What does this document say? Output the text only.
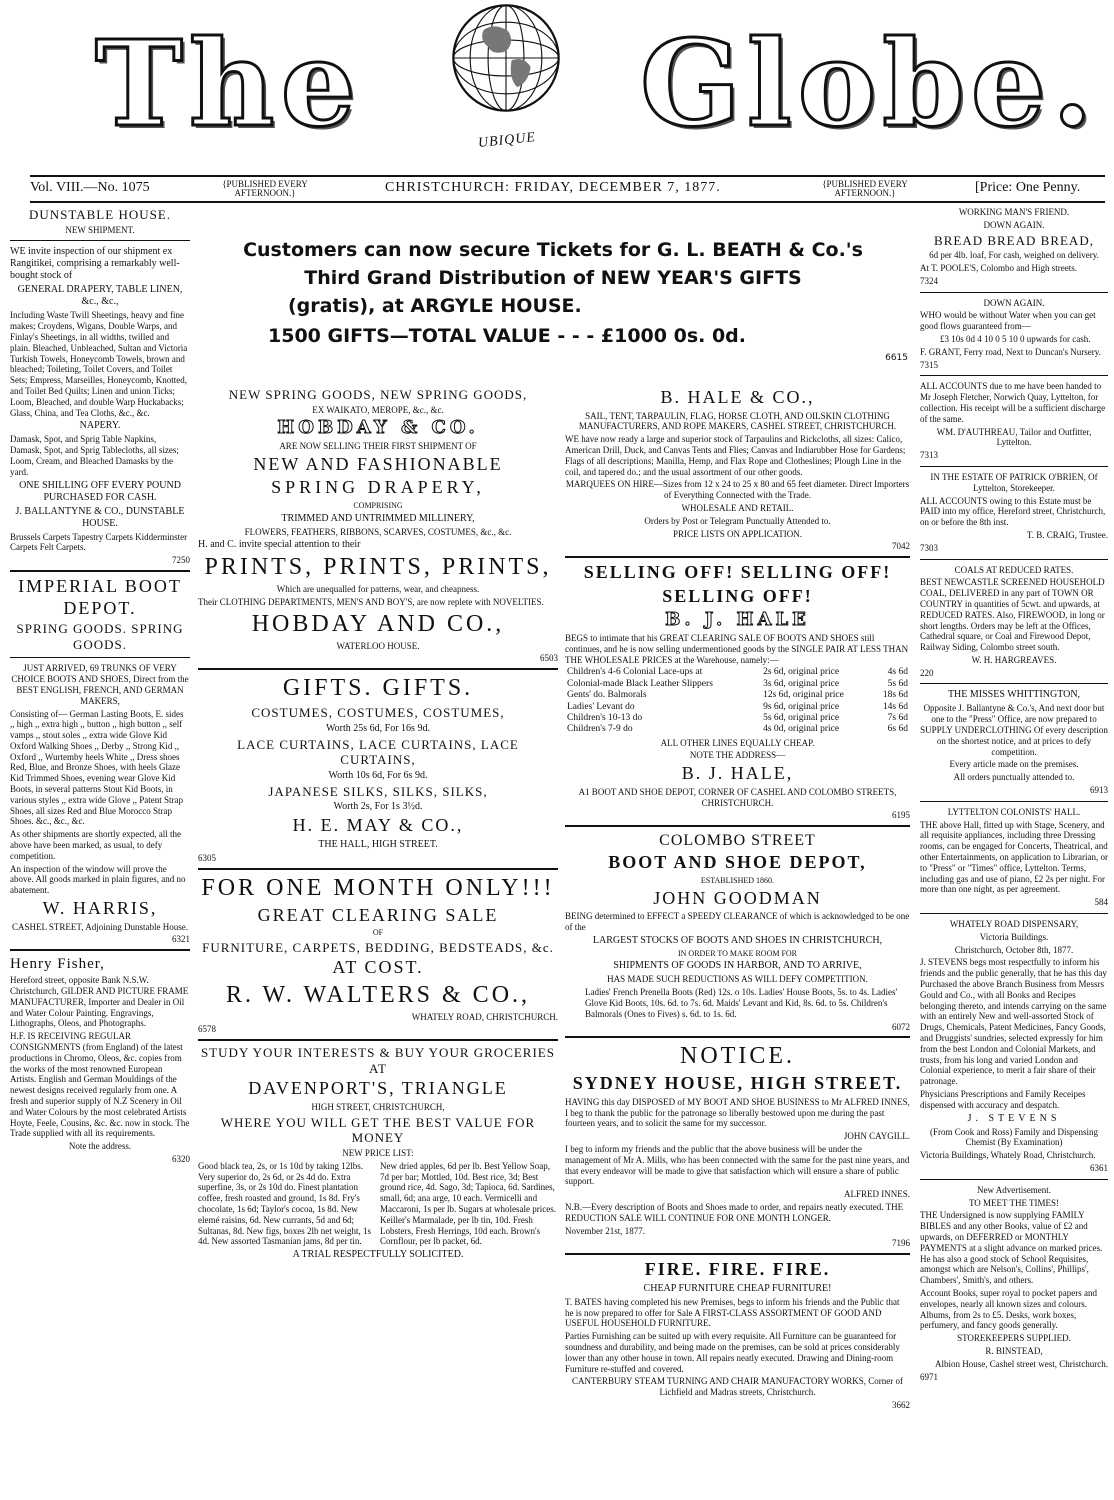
The Globe.
UBIQUE
Vol. VIII.—No. 1075	{PUBLISHED EVERY AFTERNOON.}	CHRISTCHURCH: FRIDAY, DECEMBER 7, 1877.	{PUBLISHED EVERY AFTERNOON.}	[Price: One Penny.

DUNSTABLE HOUSE.

NEW SHIPMENT.

WE invite inspection of our shipment ex Rangitikei, comprising a remarkably well-bought stock of

GENERAL DRAPERY, TABLE LINEN, &c., &c.,

Including Waste Twill Sheetings, heavy and fine makes; Croydens, Wigans, Double Warps, and Finlay's Sheetings, in all widths, twilled and plain. Bleached, Unbleached, Sultan and Victoria Turkish Towels, Honeycomb Towels, brown and bleached; Toileting, Toilet Covers, and Toilet Sets; Empress, Marseilles, Honeycomb, Knotted, and Toilet Bed Quilts; Linen and union Ticks; Loom, Bleached, and double Warp Huckabacks; Glass, China, and Tea Cloths, &c., &c.

NAPERY.

Damask, Spot, and Sprig Table Napkins, Damask, Spot, and Sprig Tablecloths, all sizes; Loom, Cream, and Bleached Damasks by the yard.

ONE SHILLING OFF EVERY POUND PURCHASED FOR CASH.

J. BALLANTYNE & CO., DUNSTABLE HOUSE.

Brussels Carpets Tapestry Carpets Kidderminster Carpets Felt Carpets.

7250

IMPERIAL BOOT DEPOT.

SPRING GOODS. SPRING GOODS.

JUST ARRIVED, 69 TRUNKS OF VERY CHOICE BOOTS AND SHOES, Direct from the BEST ENGLISH, FRENCH, AND GERMAN MAKERS,

Consisting of— German Lasting Boots, E. sides ,, high ,, extra high ,, button ,, high button ,, self vamps ,, stout soles ,, extra wide Glove Kid Oxford Walking Shoes ,, Derby ,, Strong Kid ,, Oxford ,, Wurtemby heels White ,, Dress shoes Red, Blue, and Bronze Shoes, with heels Glaze Kid Trimmed Shoes, evening wear Glove Kid Boots, in several patterns Stout Kid Boots, in various styles ,, extra wide Glove ,, Patent Strap Shoes, all sizes Red and Blue Morocco Strap Shoes. &c., &c., &c.

As other shipments are shortly expected, all the above have been marked, as usual, to defy competition.

An inspection of the window will prove the above. All goods marked in plain figures, and no abatement.

W. HARRIS,

CASHEL STREET, Adjoining Dunstable House.

6321

Henry Fisher,

Hereford street, opposite Bank N.S.W. Christchurch, GILDER AND PICTURE FRAME MANUFACTURER, Importer and Dealer in Oil and Water Colour Painting. Engravings, Lithographs, Oleos, and Photographs.

H.F. IS RECEIVING REGULAR CONSIGNMENTS (from England) of the latest productions in Chromo, Oleos, &c. copies from the works of the most renowned European Artists. English and German Mouldings of the newest designs received regularly from one. A fresh and superior supply of N.Z Scenery in Oil and Water Colours by the most celebrated Artists Hoyte, Feele, Cousins, &c. &c. now in stock. The Trade supplied with all its requirements.

Note the address.

6320

Customers can now secure Tickets for G. L. BEATH & Co.'s

Third Grand Distribution of NEW YEAR'S GIFTS

(gratis), at ARGYLE HOUSE.

1500 GIFTS—TOTAL VALUE - - - £1000 0s. 0d.

6615

NEW SPRING GOODS, NEW SPRING GOODS,

EX WAIKATO, MEROPE, &c., &c.

HOBDAY & CO.

ARE NOW SELLING THEIR FIRST SHIPMENT OF

NEW AND FASHIONABLE

SPRING DRAPERY,

COMPRISING

TRIMMED AND UNTRIMMED MILLINERY,

FLOWERS, FEATHERS, RIBBONS, SCARVES, COSTUMES, &c., &c.

H. and C. invite special attention to their

PRINTS, PRINTS, PRINTS,

Which are unequalled for patterns, wear, and cheapness.

Their CLOTHING DEPARTMENTS, MEN'S AND BOY'S, are now replete with NOVELTIES.

HOBDAY AND CO.,

WATERLOO HOUSE.

6503

GIFTS. GIFTS.

COSTUMES, COSTUMES, COSTUMES,

Worth 25s 6d, For 16s 9d.

LACE CURTAINS, LACE CURTAINS, LACE CURTAINS,

Worth 10s 6d, For 6s 9d.

JAPANESE SILKS, SILKS, SILKS,

Worth 2s, For 1s 3½d.

H. E. MAY & CO.,

THE HALL, HIGH STREET.

6305

FOR ONE MONTH ONLY!!!

GREAT CLEARING SALE

OF

FURNITURE, CARPETS, BEDDING, BEDSTEADS, &c.

AT COST.

R. W. WALTERS & CO.,

WHATELY ROAD, CHRISTCHURCH.

6578

STUDY YOUR INTERESTS & BUY YOUR GROCERIES AT

DAVENPORT'S, TRIANGLE

HIGH STREET, CHRISTCHURCH,

WHERE YOU WILL GET THE BEST VALUE FOR MONEY

NEW PRICE LIST:

Good black tea, 2s, or 1s 10d by taking 12lbs. Very superior do, 2s 6d, or 2s 4d do. Extra superfine, 3s, or 2s 10d do. Finest plantation coffee, fresh roasted and ground, 1s 8d. Fry's chocolate, 1s 6d; Taylor's cocoa, 1s 8d. New elemé raisins, 6d. New currants, 5d and 6d; Sultanas, 8d. New figs, boxes 2lb net weight, 1s 4d. New assorted Tasmanian jams, 8d per tin.
New dried apples, 6d per lb. Best Yellow Soap, 7d per bar; Mottled, 10d. Best rice, 3d; Best ground rice, 4d. Sago, 3d; Tapioca, 6d. Sardines, small, 6d; ana arge, 10 each. Vermicelli and Maccaroni, 1s per lb. Sugars at wholesale prices. Keiller's Marmalade, per lb tin, 10d. Fresh Lobsters, Fresh Herrings, 10d each. Brown's Cornflour, per lb packet, 6d.

A TRIAL RESPECTFULLY SOLICITED.

B. HALE & CO.,

SAIL, TENT, TARPAULIN, FLAG, HORSE CLOTH, AND OILSKIN CLOTHING MANUFACTURERS, AND ROPE MAKERS, CASHEL STREET, CHRISTCHURCH.

WE have now ready a large and superior stock of Tarpaulins and Rickcloths, all sizes: Calico, American Drill, Duck, and Canvas Tents and Flies; Canvas and Indiarubber Hose for Gardens; Flags of all descriptions; Manilla, Hemp, and Flax Rope and Clotheslines; Plough Line in the coil, and tapered do.; and the usual assortment of our other goods.

MARQUEES ON HIRE—Sizes from 12 x 24 to 25 x 80 and 65 feet diameter. Direct Importers of Everything Connected with the Trade.

WHOLESALE AND RETAIL.

Orders by Post or Telegram Punctually Attended to.

PRICE LISTS ON APPLICATION.

7042

SELLING OFF! SELLING OFF!

SELLING OFF!

B. J. HALE

BEGS to intimate that his GREAT CLEARING SALE OF BOOTS AND SHOES still continues, and he is now selling undermentioned goods by the SINGLE PAIR AT LESS THAN THE WHOLESALE PRICES at the Warehouse, namely:—

Children's 4-6 Colonial Lace-ups at	2s 6d, original price	4s 6d
Colonial-made Black Leather Slippers	3s 6d, original price	5s 6d
Gents' do. Balmorals	12s 6d, original price	18s 6d
Ladies' Levant do	9s 6d, original price	14s 6d
Children's 10-13 do	5s 6d, original price	7s 6d
Children's 7-9 do	4s 0d, original price	6s 6d

ALL OTHER LINES EQUALLY CHEAP.

NOTE THE ADDRESS—

B. J. HALE,

A1 BOOT AND SHOE DEPOT, CORNER OF CASHEL AND COLOMBO STREETS, CHRISTCHURCH.

6195

COLOMBO STREET

BOOT AND SHOE DEPOT,

ESTABLISHED 1860.

JOHN GOODMAN

BEING determined to EFFECT a SPEEDY CLEARANCE of which is acknowledged to be one of the

LARGEST STOCKS OF BOOTS AND SHOES IN CHRISTCHURCH,

IN ORDER TO MAKE ROOM FOR

SHIPMENTS OF GOODS IN HARBOR, AND TO ARRIVE,

HAS MADE SUCH REDUCTIONS AS WILL DEFY COMPETITION.

Ladies' French Prenella Boots (Red) 12s. o 10s. Ladies' House Boots, 5s. to 4s. Ladies' Glove Kid Boots, 10s. 6d. to 7s. 6d. Maids' Levant and Kid, 8s. 6d. to 5s. Children's Balmorals (Ones to Fives) s. 6d. to 1s. 6d.

6072

NOTICE.

SYDNEY HOUSE, HIGH STREET.

HAVING this day DISPOSED of MY BOOT AND SHOE BUSINESS to Mr ALFRED INNES, I beg to thank the public for the patronage so liberally bestowed upon me during the past fourteen years, and to solicit the same for my successor.

JOHN CAYGILL.

I beg to inform my friends and the public that the above business will be under the management of Mr A. Mills, who has been connected with the same for the past nine years, and that every endeavor will be made to give that satisfaction which will ensure a share of public support.

ALFRED INNES.

N.B.—Every description of Boots and Shoes made to order, and repairs neatly executed. THE REDUCTION SALE WILL CONTINUE FOR ONE MONTH LONGER.

November 21st, 1877.

7196

FIRE. FIRE. FIRE.

CHEAP FURNITURE CHEAP FURNITURE!

T. BATES having completed his new Premises, begs to inform his friends and the Public that he is now prepared to offer for Sale A FIRST-CLASS ASSORTMENT OF GOOD AND USEFUL HOUSEHOLD FURNITURE.

Parties Furnishing can be suited up with every requisite. All Furniture can be guaranteed for soundness and durability, and being made on the premises, can be sold at prices considerably lower than any other house in town. All repairs neatly executed. Drawing and Dining-room Furniture re-stuffed and covered.

CANTERBURY STEAM TURNING AND CHAIR MANUFACTORY WORKS, Corner of Lichfield and Madras streets, Christchurch.

3662

WORKING MAN'S FRIEND.

DOWN AGAIN.

BREAD BREAD BREAD,

6d per 4lb. loaf, For cash, weighed on delivery.

At T. POOLE'S, Colombo and High streets.

7324

DOWN AGAIN.

WHO would be without Water when you can get good flows guaranteed from—

£3 10s 0d 4 10 0 5 10 0 upwards for cash.

F. GRANT, Ferry road, Next to Duncan's Nursery.

7315

ALL ACCOUNTS due to me have been handed to Mr Joseph Fletcher, Norwich Quay, Lyttelton, for collection. His receipt will be a sufficient discharge of the same.

WM. D'AUTHREAU, Tailor and Outfitter, Lyttelton.

7313

IN THE ESTATE OF PATRICK O'BRIEN, Of Lyttelton, Storekeeper.

ALL ACCOUNTS owing to this Estate must be PAID into my office, Hereford street, Christchurch, on or before the 8th inst.

T. B. CRAIG, Trustee.

7303

COALS AT REDUCED RATES.

BEST NEWCASTLE SCREENED HOUSEHOLD COAL, DELIVERED in any part of TOWN OR COUNTRY in quantities of 5cwt. and upwards, at REDUCED RATES. Also, FIREWOOD, in long or short lengths. Orders may be left at the Offices, Cathedral square, or Coal and Firewood Depot, Railway Siding, Colombo street south.

W. H. HARGREAVES.

220

THE MISSES WHITTINGTON,

Opposite J. Ballantyne & Co.'s, And next door but one to the "Press" Office, are now prepared to SUPPLY UNDERCLOTHING Of every description on the shortest notice, and at prices to defy competition.

Every article made on the premises.

All orders punctually attended to.

6913

LYTTELTON COLONISTS' HALL.

THE above Hall, fitted up with Stage, Scenery, and all requisite appliances, including three Dressing rooms, can be engaged for Concerts, Theatrical, and other Entertainments, on application to Librarian, or to "Press" or "Times" office, Lyttelton. Terms, including gas and use of piano, £2 2s per night. For more than one night, as per agreement.

584

WHATELY ROAD DISPENSARY,

Victoria Buildings.

Christchurch, October 8th, 1877.

J. STEVENS begs most respectfully to inform his friends and the public generally, that he has this day Purchased the above Branch Business from Messrs Gould and Co., with all Books and Recipes belonging thereto, and intends carrying on the same with an entirely New and well-assorted Stock of Drugs, Chemicals, Patent Medicines, Fancy Goods, and Druggists' sundries, selected expressly for him from the best London and Colonial Markets, and trusts, from his long and varied London and Colonial experience, to merit a fair share of their patronage.

Physicians Prescriptions and Family Receipes dispensed with accuracy and despatch.

J. STEVENS

(From Cook and Ross) Family and Dispensing Chemist (By Examination)

Victoria Buildings, Whately Road, Christchurch.

6361

New Advertisement.

TO MEET THE TIMES!

THE Undersigned is now supplying FAMILY BIBLES and any other Books, value of £2 and upwards, on DEFERRED or MONTHLY PAYMENTS at a slight advance on marked prices. He has also a good stock of School Requisites, amongst which are Nelson's, Collins', Phillips', Chambers', Smith's, and others.

Account Books, super royal to pocket papers and envelopes, nearly all known sizes and colours. Albums, from 2s to £5. Desks, work boxes, perfumery, and fancy goods generally.

STOREKEEPERS SUPPLIED.

R. BINSTEAD,

Albion House, Cashel street west, Christchurch.

6971
